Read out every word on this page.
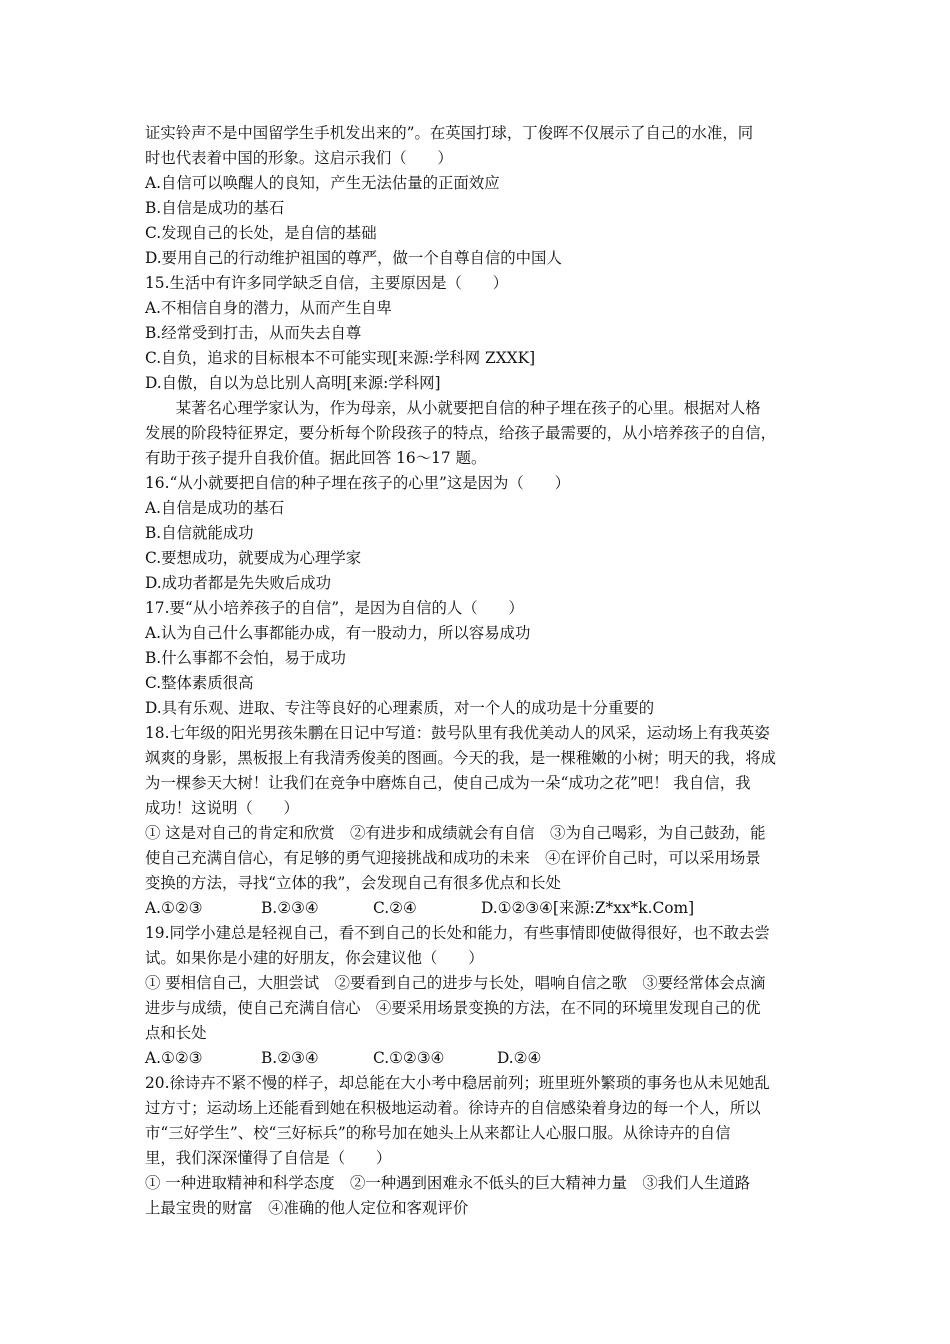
证实铃声不是中国留学生手机发出来的”。在英国打球，丁俊晖不仅展示了自己的水准，同

时也代表着中国的形象。这启示我们（　　）

A.自信可以唤醒人的良知，产生无法估量的正面效应

B.自信是成功的基石

C.发现自己的长处，是自信的基础

D.要用自己的行动维护祖国的尊严，做一个自尊自信的中国人

15.生活中有许多同学缺乏自信，主要原因是（　　）

A.不相信自身的潜力，从而产生自卑

B.经常受到打击，从而失去自尊

C.自负，追求的目标根本不可能实现[来源:学科网 ZXXK]

D.自傲，自以为总比别人高明[来源:学科网]

某著名心理学家认为，作为母亲，从小就要把自信的种子埋在孩子的心里。根据对人格

发展的阶段特征界定，要分析每个阶段孩子的特点，给孩子最需要的，从小培养孩子的自信，

有助于孩子提升自我价值。据此回答 16～17 题。

16.“从小就要把自信的种子埋在孩子的心里”这是因为（　　）

A.自信是成功的基石

B.自信就能成功

C.要想成功，就要成为心理学家

D.成功者都是先失败后成功

17.要“从小培养孩子的自信”，是因为自信的人（　　）

A.认为自己什么事都能办成，有一股动力，所以容易成功

B.什么事都不会怕，易于成功

C.整体素质很高

D.具有乐观、进取、专注等良好的心理素质，对一个人的成功是十分重要的

18.七年级的阳光男孩朱鹏在日记中写道：鼓号队里有我优美动人的风采，运动场上有我英姿

飒爽的身影，黑板报上有我清秀俊美的图画。今天的我，是一棵稚嫩的小树；明天的我，将成

为一棵参天大树！让我们在竞争中磨炼自己，使自己成为一朵“成功之花”吧！ 我自信，我

成功！这说明（　　）

① 这是对自己的肯定和欣赏　②有进步和成绩就会有自信　③为自己喝彩，为自己鼓劲，能

使自己充满自信心，有足够的勇气迎接挑战和成功的未来　④在评价自己时，可以采用场景

变换的方法，寻找“立体的我”，会发现自己有很多优点和长处

A.①②③	B.②③④	C.②④	D.①②③④[来源:Z*xx*k.Com]

19.同学小建总是轻视自己，看不到自己的长处和能力，有些事情即使做得很好，也不敢去尝

试。如果你是小建的好朋友，你会建议他（　　）

① 要相信自己，大胆尝试　②要看到自己的进步与长处，唱响自信之歌　③要经常体会点滴

进步与成绩，使自己充满自信心　④要采用场景变换的方法，在不同的环境里发现自己的优

点和长处

A.①②③	B.②③④	C.①②③④	D.②④

20.徐诗卉不紧不慢的样子，却总能在大小考中稳居前列；班里班外繁琐的事务也从未见她乱

过方寸；运动场上还能看到她在积极地运动着。徐诗卉的自信感染着身边的每一个人，所以

市“三好学生”、校“三好标兵”的称号加在她头上从来都让人心服口服。从徐诗卉的自信

里，我们深深懂得了自信是（　　）

① 一种进取精神和科学态度　②一种遇到困难永不低头的巨大精神力量　③我们人生道路

上最宝贵的财富　④准确的他人定位和客观评价
